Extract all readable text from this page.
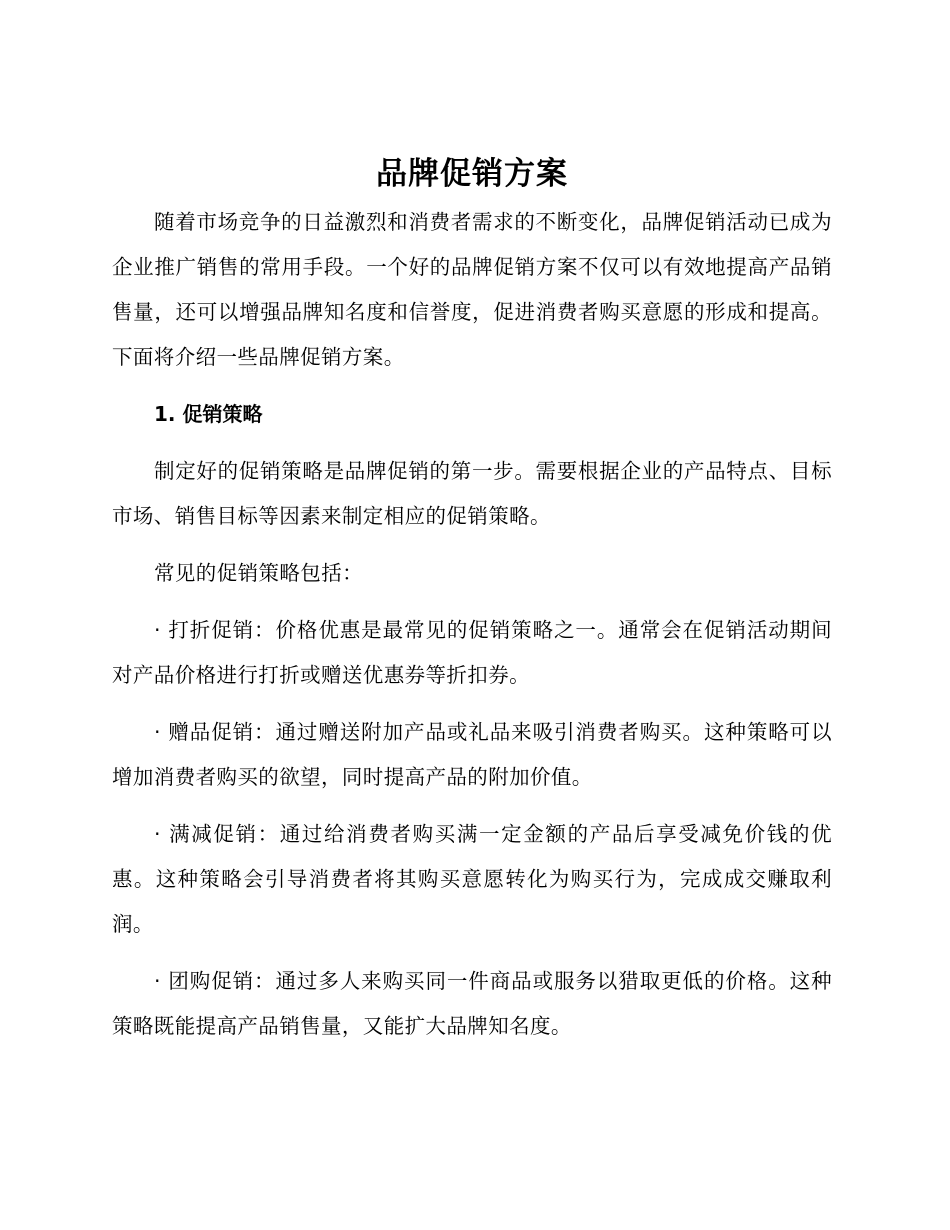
品牌促销方案

随着市场竞争的日益激烈和消费者需求的不断变化，品牌促销活动已成为企业推广销售的常用手段。一个好的品牌促销方案不仅可以有效地提高产品销售量，还可以增强品牌知名度和信誉度，促进消费者购买意愿的形成和提高。下面将介绍一些品牌促销方案。

1. 促销策略

制定好的促销策略是品牌促销的第一步。需要根据企业的产品特点、目标市场、销售目标等因素来制定相应的促销策略。

常见的促销策略包括：

· 打折促销：价格优惠是最常见的促销策略之一。通常会在促销活动期间对产品价格进行打折或赠送优惠券等折扣券。

· 赠品促销：通过赠送附加产品或礼品来吸引消费者购买。这种策略可以增加消费者购买的欲望，同时提高产品的附加价值。

· 满减促销：通过给消费者购买满一定金额的产品后享受减免价钱的优惠。这种策略会引导消费者将其购买意愿转化为购买行为，完成成交赚取利润。

· 团购促销：通过多人来购买同一件商品或服务以猎取更低的价格。这种策略既能提高产品销售量，又能扩大品牌知名度。
